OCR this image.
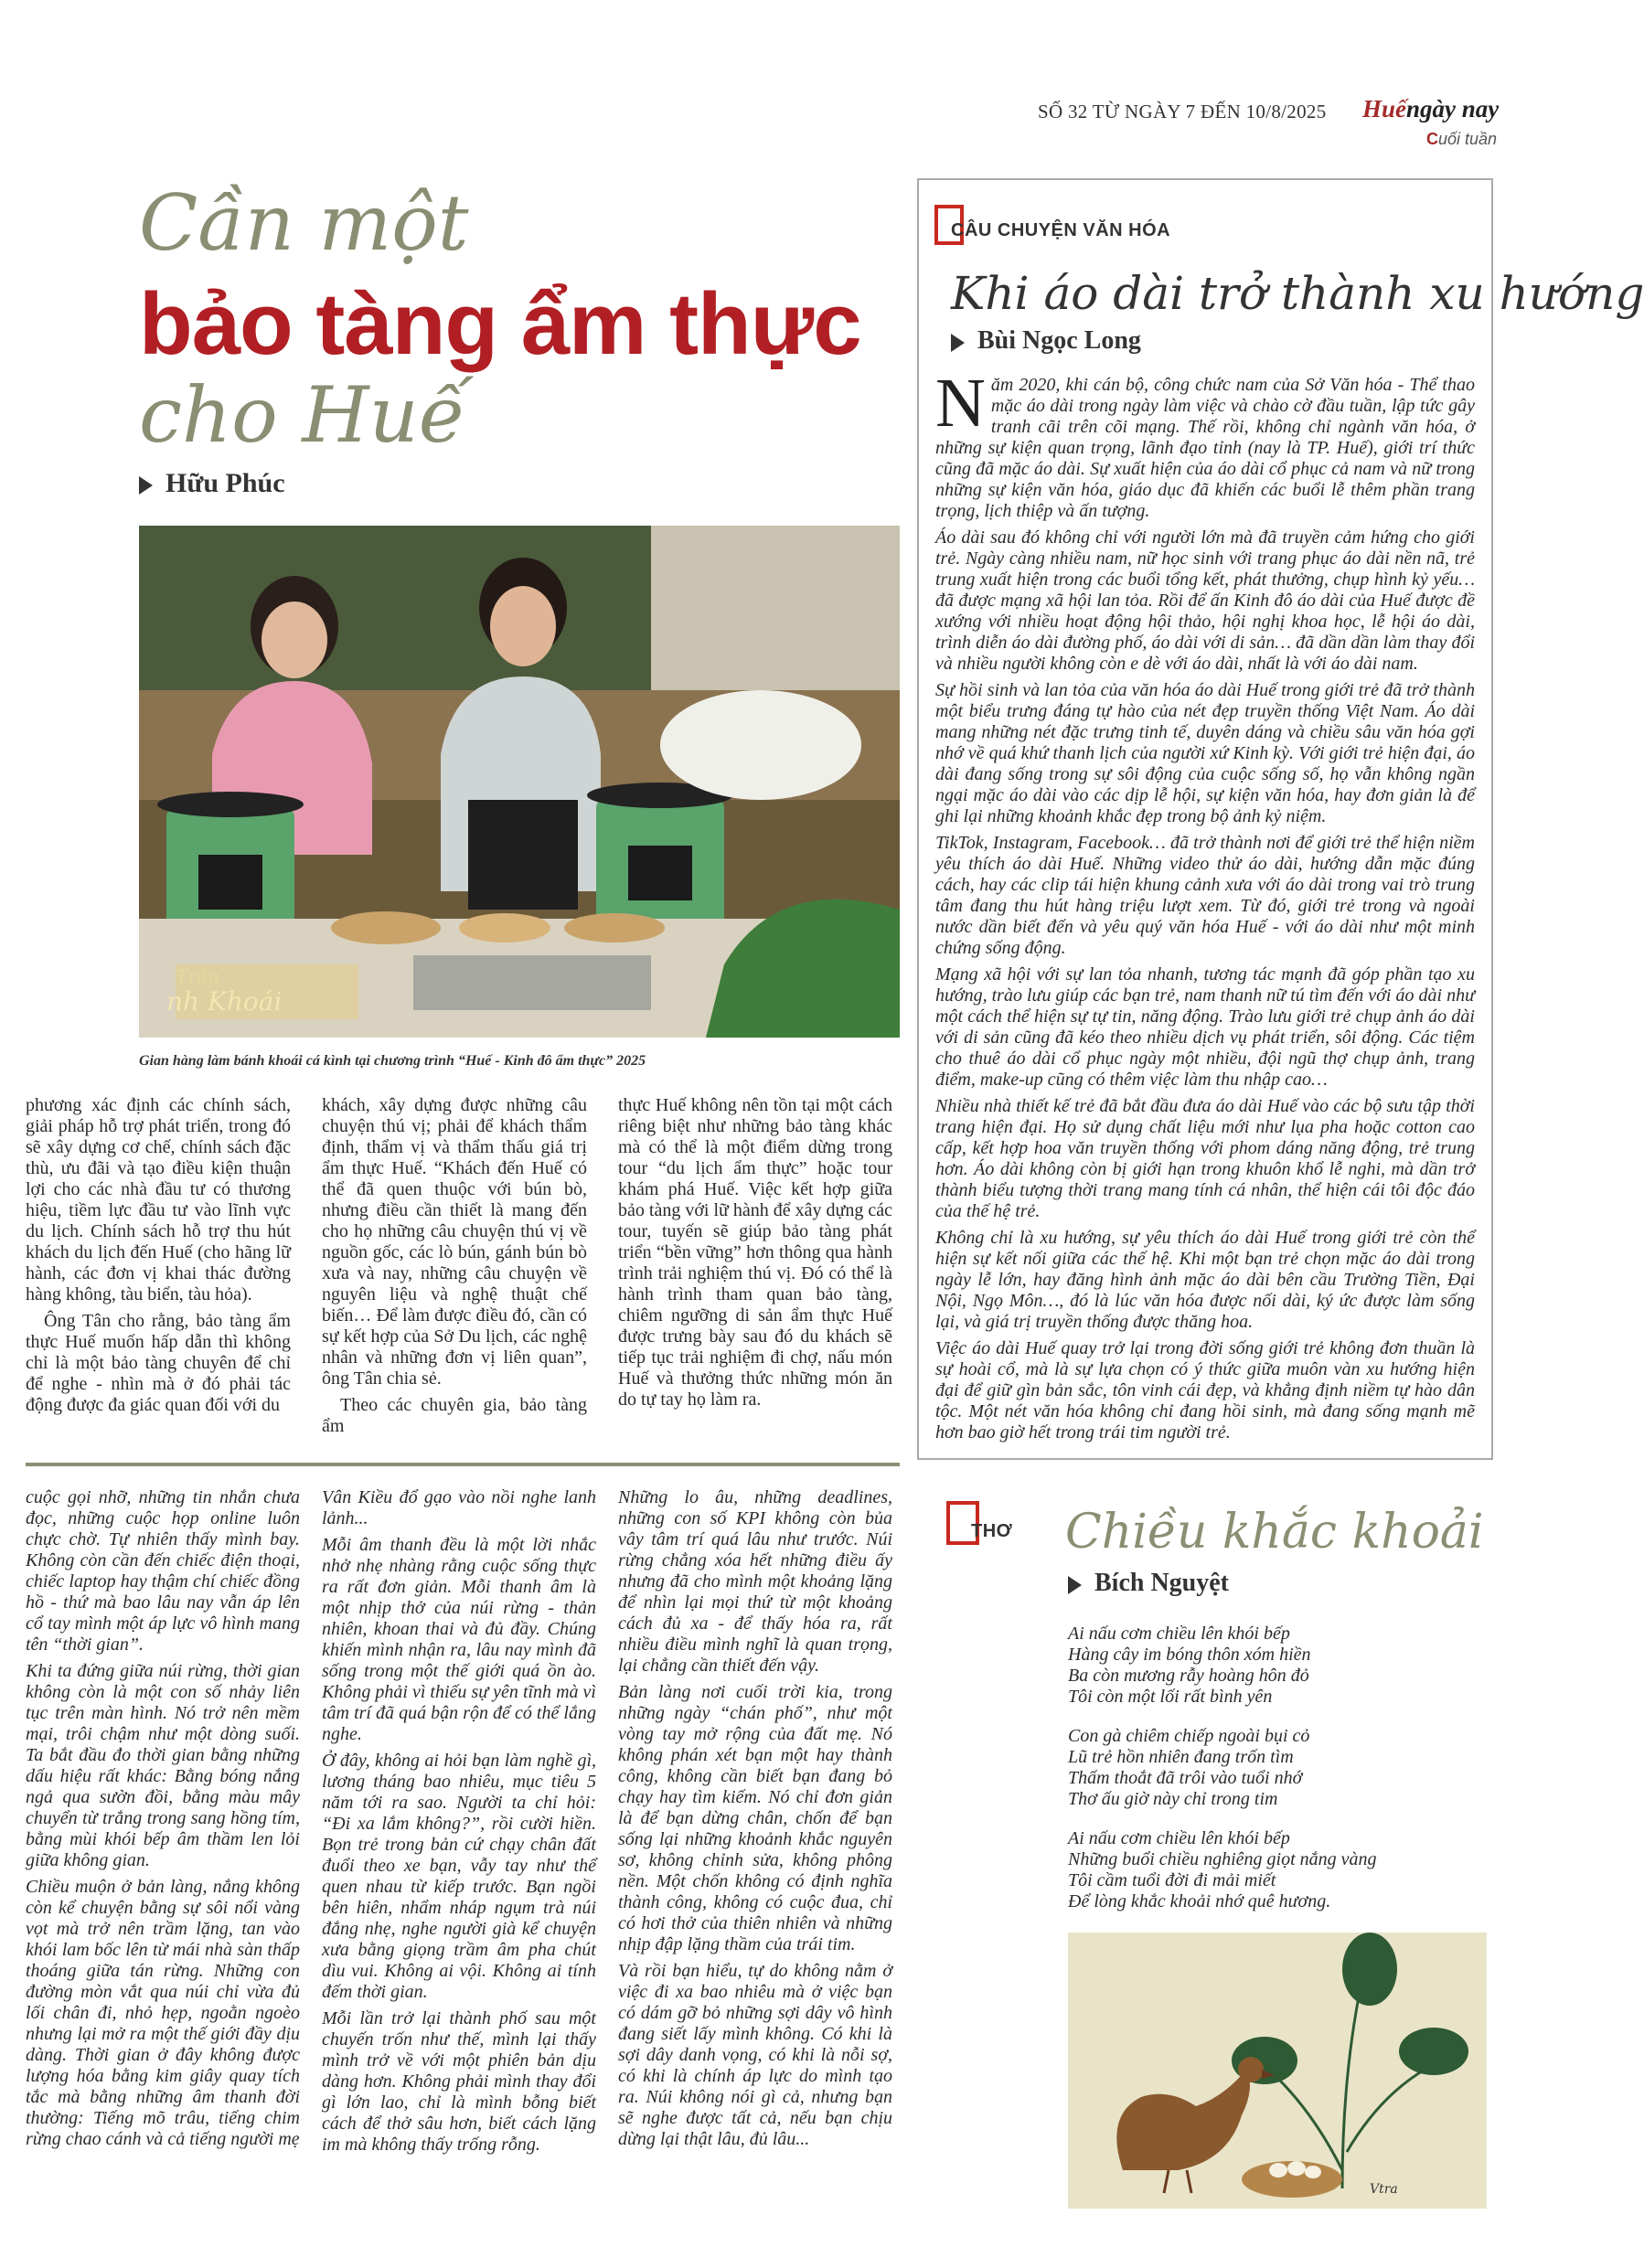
SỐ 32 TỪ NGÀY 7 ĐẾN 10/8/2025 Huếngày nay
Cuối tuần
Cần một
bảo tàng ẩm thực
cho Huế
Hữu Phúc
Trần
nh Khoái
Gian hàng làm bánh khoái cá kình tại chương trình “Huế - Kinh đô ẩm thực” 2025

phương xác định các chính sách, giải pháp hỗ trợ phát triển, trong đó sẽ xây dựng cơ chế, chính sách đặc thù, ưu đãi và tạo điều kiện thuận lợi cho các nhà đầu tư có thương hiệu, tiềm lực đầu tư vào lĩnh vực du lịch. Chính sách hỗ trợ thu hút khách du lịch đến Huế (cho hãng lữ hành, các đơn vị khai thác đường hàng không, tàu biển, tàu hỏa).

Ông Tân cho rằng, bảo tàng ẩm thực Huế muốn hấp dẫn thì không chỉ là một bảo tàng chuyên để chỉ để nghe - nhìn mà ở đó phải tác động được đa giác quan đối với du

khách, xây dựng được những câu chuyện thú vị; phải để khách thẩm định, thẩm vị và thẩm thấu giá trị ẩm thực Huế. “Khách đến Huế có thể đã quen thuộc với bún bò, nhưng điều cần thiết là mang đến cho họ những câu chuyện thú vị về nguồn gốc, các lò bún, gánh bún bò xưa và nay, những câu chuyện về nguyên liệu và nghệ thuật chế biến… Để làm được điều đó, cần có sự kết hợp của Sở Du lịch, các nghệ nhân và những đơn vị liên quan”, ông Tân chia sẻ.

Theo các chuyên gia, bảo tàng ẩm

thực Huế không nên tồn tại một cách riêng biệt như những bảo tàng khác mà có thể là một điểm dừng trong tour “du lịch ẩm thực” hoặc tour khám phá Huế. Việc kết hợp giữa bảo tàng với lữ hành để xây dựng các tour, tuyến sẽ giúp bảo tàng phát triển “bền vững” hơn thông qua hành trình trải nghiệm thú vị. Đó có thể là hành trình tham quan bảo tàng, chiêm ngưỡng di sản ẩm thực Huế được trưng bày sau đó du khách sẽ tiếp tục trải nghiệm đi chợ, nấu món Huế và thưởng thức những món ăn do tự tay họ làm ra.

cuộc gọi nhỡ, những tin nhắn chưa đọc, những cuộc họp online luôn chực chờ. Tự nhiên thấy mình bay. Không còn cần đến chiếc điện thoại, chiếc laptop hay thậm chí chiếc đồng hồ - thứ mà bao lâu nay vẫn áp lên cổ tay mình một áp lực vô hình mang tên “thời gian”.

Khi ta đứng giữa núi rừng, thời gian không còn là một con số nhảy liên tục trên màn hình. Nó trở nên mềm mại, trôi chậm như một dòng suối. Ta bắt đầu đo thời gian bằng những dấu hiệu rất khác: Bằng bóng nắng ngả qua sườn đồi, bằng màu mây chuyển từ trắng trong sang hồng tím, bằng mùi khói bếp âm thầm len lỏi giữa không gian.

Chiều muộn ở bản làng, nắng không còn kể chuyện bằng sự sôi nổi vàng vọt mà trở nên trầm lặng, tan vào khói lam bốc lên từ mái nhà sàn thấp thoáng giữa tán rừng. Những con đường mòn vắt qua núi chỉ vừa đủ lối chân đi, nhỏ hẹp, ngoằn ngoèo nhưng lại mở ra một thế giới đầy dịu dàng. Thời gian ở đây không được lượng hóa bằng kim giây quay tích tắc mà bằng những âm thanh đời thường: Tiếng mõ trâu, tiếng chim rừng chao cánh và cả tiếng người mẹ

Vân Kiều đổ gạo vào nồi nghe lanh lảnh...

Mỗi âm thanh đều là một lời nhắc nhở nhẹ nhàng rằng cuộc sống thực ra rất đơn giản. Mỗi thanh âm là một nhịp thở của núi rừng - thản nhiên, khoan thai và đủ đầy. Chúng khiến mình nhận ra, lâu nay mình đã sống trong một thế giới quá ồn ào. Không phải vì thiếu sự yên tĩnh mà vì tâm trí đã quá bận rộn để có thể lắng nghe.

Ở đây, không ai hỏi bạn làm nghề gì, lương tháng bao nhiêu, mục tiêu 5 năm tới ra sao. Người ta chỉ hỏi: “Đi xa lắm không?”, rồi cười hiền. Bọn trẻ trong bản cứ chạy chân đất đuổi theo xe bạn, vẫy tay như thể quen nhau từ kiếp trước. Bạn ngồi bên hiên, nhẩm nháp ngụm trà núi đắng nhẹ, nghe người già kể chuyện xưa bằng giọng trầm âm pha chút dìu vui. Không ai vội. Không ai tính đếm thời gian.

Mỗi lần trở lại thành phố sau một chuyến trốn như thế, mình lại thấy mình trở về với một phiên bản dịu dàng hơn. Không phải mình thay đổi gì lớn lao, chỉ là mình bỗng biết cách để thở sâu hơn, biết cách lặng im mà không thấy trống rỗng.

Những lo âu, những deadlines, những con số KPI không còn bủa vây tâm trí quá lâu như trước. Núi rừng chẳng xóa hết những điều ấy nhưng đã cho mình một khoảng lặng để nhìn lại mọi thứ từ một khoảng cách đủ xa - để thấy hóa ra, rất nhiều điều mình nghĩ là quan trọng, lại chẳng cần thiết đến vậy.

Bản làng nơi cuối trời kia, trong những ngày “chán phố”, như một vòng tay mở rộng của đất mẹ. Nó không phán xét bạn một hay thành công, không cần biết bạn đang bỏ chạy hay tìm kiếm. Nó chỉ đơn giản là để bạn dừng chân, chốn để bạn sống lại những khoảnh khắc nguyên sơ, không chỉnh sửa, không phông nền. Một chốn không có định nghĩa thành công, không có cuộc đua, chỉ có hơi thở của thiên nhiên và những nhịp đập lặng thầm của trái tim.

Và rồi bạn hiểu, tự do không nằm ở việc đi xa bao nhiêu mà ở việc bạn có dám gỡ bỏ những sợi dây vô hình đang siết lấy mình không. Có khi là sợi dây danh vọng, có khi là nỗi sợ, có khi là chính áp lực do mình tạo ra. Núi không nói gì cả, nhưng bạn sẽ nghe được tất cả, nếu bạn chịu dừng lại thật lâu, đủ lâu...

CÂU CHUYỆN VĂN HÓA
Khi áo dài trở thành xu hướng
Bùi Ngọc Long

Năm 2020, khi cán bộ, công chức nam của Sở Văn hóa - Thể thao mặc áo dài trong ngày làm việc và chào cờ đầu tuần, lập tức gây tranh cãi trên cõi mạng. Thế rồi, không chỉ ngành văn hóa, ở những sự kiện quan trọng, lãnh đạo tỉnh (nay là TP. Huế), giới trí thức cũng đã mặc áo dài. Sự xuất hiện của áo dài cổ phục cả nam và nữ trong những sự kiện văn hóa, giáo dục đã khiến các buổi lễ thêm phần trang trọng, lịch thiệp và ấn tượng.

Áo dài sau đó không chỉ với người lớn mà đã truyền cảm hứng cho giới trẻ. Ngày càng nhiều nam, nữ học sinh với trang phục áo dài nền nã, trẻ trung xuất hiện trong các buổi tổng kết, phát thưởng, chụp hình kỷ yếu… đã được mạng xã hội lan tỏa. Rồi để ấn Kinh đô áo dài của Huế được đề xướng với nhiều hoạt động hội thảo, hội nghị khoa học, lễ hội áo dài, trình diễn áo dài đường phố, áo dài với di sản… đã dần dần làm thay đổi và nhiều người không còn e dè với áo dài, nhất là với áo dài nam.

Sự hồi sinh và lan tỏa của văn hóa áo dài Huế trong giới trẻ đã trở thành một biểu trưng đáng tự hào của nét đẹp truyền thống Việt Nam. Áo dài mang những nét đặc trưng tinh tế, duyên dáng và chiều sâu văn hóa gợi nhớ về quá khứ thanh lịch của người xứ Kinh kỳ. Với giới trẻ hiện đại, áo dài đang sống trong sự sôi động của cuộc sống số, họ vẫn không ngần ngại mặc áo dài vào các dịp lễ hội, sự kiện văn hóa, hay đơn giản là để ghi lại những khoảnh khắc đẹp trong bộ ảnh kỷ niệm.

TikTok, Instagram, Facebook… đã trở thành nơi để giới trẻ thể hiện niềm yêu thích áo dài Huế. Những video thử áo dài, hướng dẫn mặc đúng cách, hay các clip tái hiện khung cảnh xưa với áo dài trong vai trò trung tâm đang thu hút hàng triệu lượt xem. Từ đó, giới trẻ trong và ngoài nước dần biết đến và yêu quý văn hóa Huế - với áo dài như một minh chứng sống động.

Mạng xã hội với sự lan tỏa nhanh, tương tác mạnh đã góp phần tạo xu hướng, trào lưu giúp các bạn trẻ, nam thanh nữ tú tìm đến với áo dài như một cách thể hiện sự tự tin, năng động. Trào lưu giới trẻ chụp ảnh áo dài với di sản cũng đã kéo theo nhiều dịch vụ phát triển, sôi động. Các tiệm cho thuê áo dài cổ phục ngày một nhiều, đội ngũ thợ chụp ảnh, trang điểm, make-up cũng có thêm việc làm thu nhập cao…

Nhiều nhà thiết kế trẻ đã bắt đầu đưa áo dài Huế vào các bộ sưu tập thời trang hiện đại. Họ sử dụng chất liệu mới như lụa pha hoặc cotton cao cấp, kết hợp hoa văn truyền thống với phom dáng năng động, trẻ trung hơn. Áo dài không còn bị giới hạn trong khuôn khổ lễ nghi, mà dần trở thành biểu tượng thời trang mang tính cá nhân, thể hiện cái tôi độc đáo của thế hệ trẻ.

Không chỉ là xu hướng, sự yêu thích áo dài Huế trong giới trẻ còn thể hiện sự kết nối giữa các thế hệ. Khi một bạn trẻ chọn mặc áo dài trong ngày lễ lớn, hay đăng hình ảnh mặc áo dài bên cầu Trường Tiền, Đại Nội, Ngọ Môn…, đó là lúc văn hóa được nối dài, ký ức được làm sống lại, và giá trị truyền thống được thăng hoa.

Việc áo dài Huế quay trở lại trong đời sống giới trẻ không đơn thuần là sự hoài cổ, mà là sự lựa chọn có ý thức giữa muôn vàn xu hướng hiện đại để giữ gìn bản sắc, tôn vinh cái đẹp, và khẳng định niềm tự hào dân tộc. Một nét văn hóa không chỉ đang hồi sinh, mà đang sống mạnh mẽ hơn bao giờ hết trong trái tim người trẻ.

THƠ Chiều khắc khoải
Bích Nguyệt
Ai nấu cơm chiều lên khói bếp
Hàng cây im bóng thôn xóm hiền
Ba còn mương rẫy hoàng hôn đỏ
Tôi còn một lối rất bình yên
Con gà chiêm chiếp ngoài bụi cỏ
Lũ trẻ hồn nhiên đang trốn tìm
Thấm thoắt đã trôi vào tuổi nhớ
Thơ ấu giờ này chỉ trong tim
Ai nấu cơm chiều lên khói bếp
Những buổi chiều nghiêng giọt nắng vàng
Tôi cầm tuổi đời đi mải miết
Để lòng khắc khoải nhớ quê hương.
Vtra
